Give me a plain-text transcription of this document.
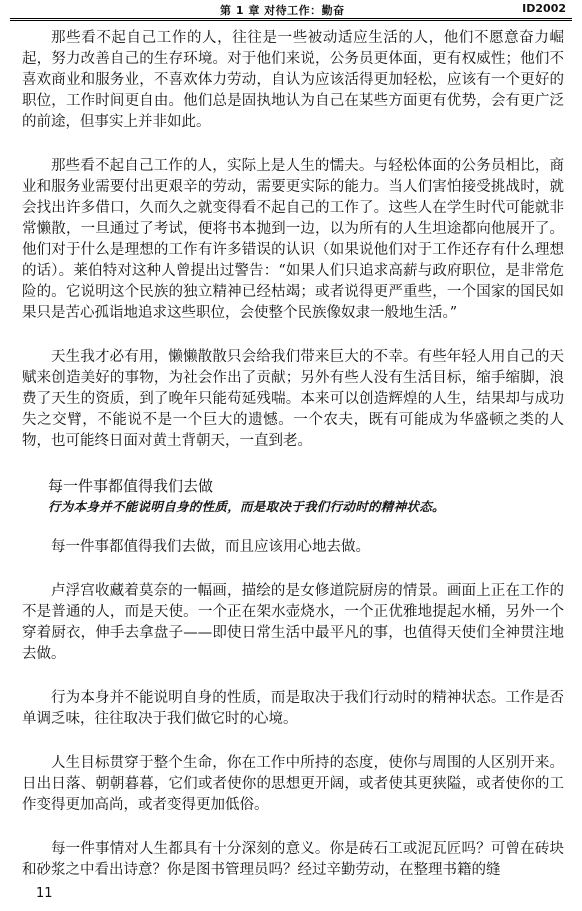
第 1 章 对待工作：勤奋	ID2002

那些看不起自己工作的人，往往是一些被动适应生活的人，他们不愿意奋力崛起，努力改善自己的生存环境。对于他们来说，公务员更体面，更有权威性；他们不喜欢商业和服务业，不喜欢体力劳动，自认为应该活得更加轻松，应该有一个更好的职位，工作时间更自由。他们总是固执地认为自己在某些方面更有优势，会有更广泛的前途，但事实上并非如此。

那些看不起自己工作的人，实际上是人生的懦夫。与轻松体面的公务员相比，商业和服务业需要付出更艰辛的劳动，需要更实际的能力。当人们害怕接受挑战时，就会找出许多借口，久而久之就变得看不起自己的工作了。这些人在学生时代可能就非常懒散，一旦通过了考试，便将书本抛到一边，以为所有的人生坦途都向他展开了。他们对于什么是理想的工作有许多错误的认识（如果说他们对于工作还存有什么理想的话）。莱伯特对这种人曾提出过警告：“如果人们只追求高薪与政府职位，是非常危险的。它说明这个民族的独立精神已经枯竭；或者说得更严重些，一个国家的国民如果只是苦心孤诣地追求这些职位，会使整个民族像奴隶一般地生活。”

天生我才必有用，懒懒散散只会给我们带来巨大的不幸。有些年轻人用自己的天赋来创造美好的事物，为社会作出了贡献；另外有些人没有生活目标，缩手缩脚，浪费了天生的资质，到了晚年只能苟延残喘。本来可以创造辉煌的人生，结果却与成功失之交臂，不能说不是一个巨大的遗憾。一个农夫，既有可能成为华盛顿之类的人物，也可能终日面对黄土背朝天，一直到老。

每一件事都值得我们去做
行为本身并不能说明自身的性质，而是取决于我们行动时的精神状态。

每一件事都值得我们去做，而且应该用心地去做。

卢浮宫收藏着莫奈的一幅画，描绘的是女修道院厨房的情景。画面上正在工作的不是普通的人，而是天使。一个正在架水壶烧水，一个正优雅地提起水桶，另外一个穿着厨衣，伸手去拿盘子——即使日常生活中最平凡的事，也值得天使们全神贯注地去做。

行为本身并不能说明自身的性质，而是取决于我们行动时的精神状态。工作是否单调乏味，往往取决于我们做它时的心境。

人生目标贯穿于整个生命，你在工作中所持的态度，使你与周围的人区别开来。日出日落、朝朝暮暮，它们或者使你的思想更开阔，或者使其更狭隘，或者使你的工作变得更加高尚，或者变得更加低俗。

每一件事情对人生都具有十分深刻的意义。你是砖石工或泥瓦匠吗？可曾在砖块和砂浆之中看出诗意？你是图书管理员吗？经过辛勤劳动，在整理书籍的缝

11
